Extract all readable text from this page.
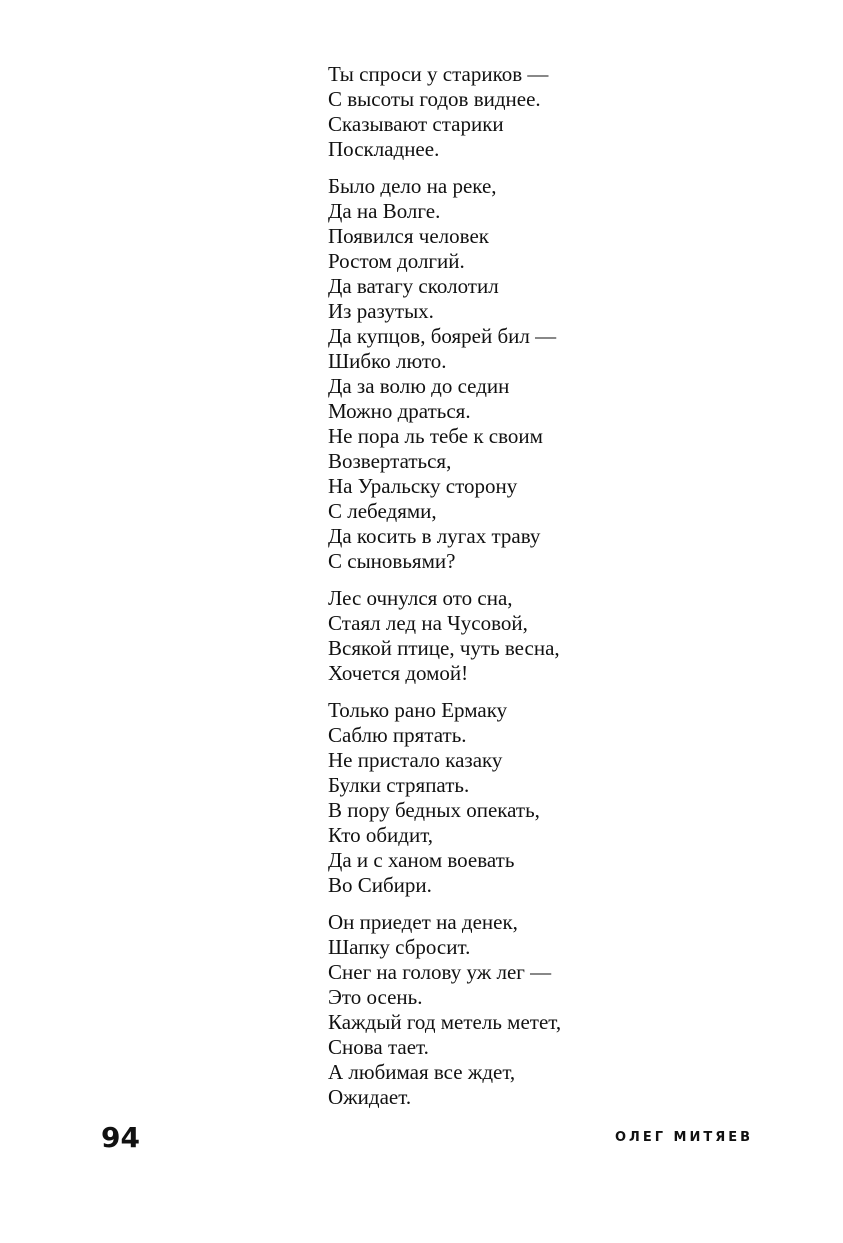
Ты спроси у стариков —
С высоты годов виднее.
Сказывают старики
Поскладнее.
Было дело на реке,
Да на Волге.
Появился человек
Ростом долгий.
Да ватагу сколотил
Из разутых.
Да купцов, боярей бил —
Шибко люто.
Да за волю до седин
Можно драться.
Не пора ль тебе к своим
Возвертаться,
На Уральску сторону
С лебедями,
Да косить в лугах траву
С сыновьями?
Лес очнулся ото сна,
Стаял лед на Чусовой,
Всякой птице, чуть весна,
Хочется домой!
Только рано Ермаку
Саблю прятать.
Не пристало казаку
Булки стряпать.
В пору бедных опекать,
Кто обидит,
Да и с ханом воевать
Во Сибири.
Он приедет на денек,
Шапку сбросит.
Снег на голову уж лег —
Это осень.
Каждый год метель метет,
Снова тает.
А любимая все ждет,
Ожидает.
94	ОЛЕГ МИТЯЕВ
